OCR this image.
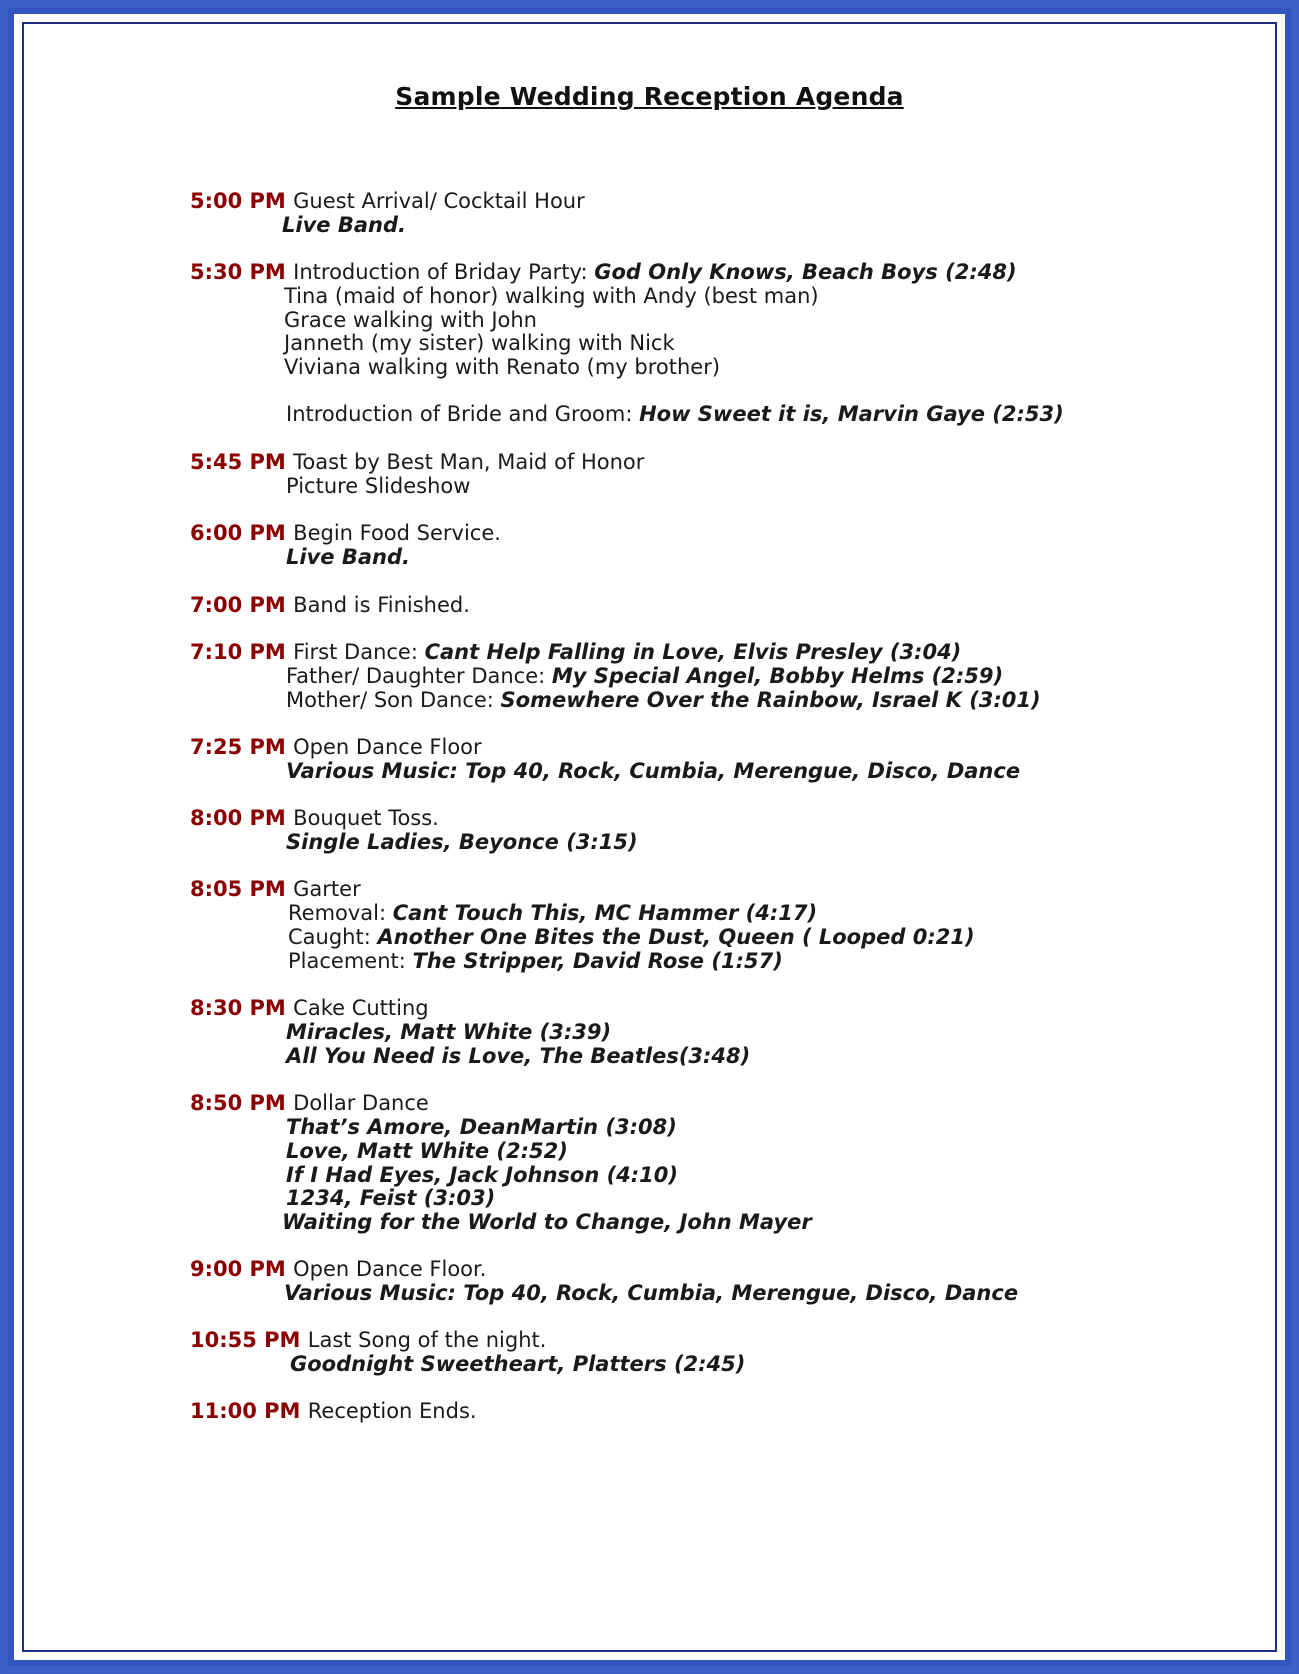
Sample Wedding Reception Agenda
5:00 PM Guest Arrival/ Cocktail Hour
Live Band.
5:30 PM Introduction of Briday Party: God Only Knows, Beach Boys (2:48)
Tina (maid of honor) walking with Andy (best man)
Grace walking with John
Janneth (my sister) walking with Nick
Viviana walking with Renato (my brother)
Introduction of Bride and Groom: How Sweet it is, Marvin Gaye (2:53)
5:45 PM Toast by Best Man, Maid of Honor
Picture Slideshow
6:00 PM Begin Food Service.
Live Band.
7:00 PM Band is Finished.
7:10 PM First Dance: Cant Help Falling in Love, Elvis Presley (3:04)
Father/ Daughter Dance: My Special Angel, Bobby Helms (2:59)
Mother/ Son Dance: Somewhere Over the Rainbow, Israel K (3:01)
7:25 PM Open Dance Floor
Various Music: Top 40, Rock, Cumbia, Merengue, Disco, Dance
8:00 PM Bouquet Toss.
Single Ladies, Beyonce (3:15)
8:05 PM Garter
Removal: Cant Touch This, MC Hammer (4:17)
Caught: Another One Bites the Dust, Queen ( Looped 0:21)
Placement: The Stripper, David Rose (1:57)
8:30 PM Cake Cutting
Miracles, Matt White (3:39)
All You Need is Love, The Beatles(3:48)
8:50 PM Dollar Dance
That’s Amore, DeanMartin (3:08)
Love, Matt White (2:52)
If I Had Eyes, Jack Johnson (4:10)
1234, Feist (3:03)
Waiting for the World to Change, John Mayer
9:00 PM Open Dance Floor.
Various Music: Top 40, Rock, Cumbia, Merengue, Disco, Dance
10:55 PM Last Song of the night.
Goodnight Sweetheart, Platters (2:45)
11:00 PM Reception Ends.
